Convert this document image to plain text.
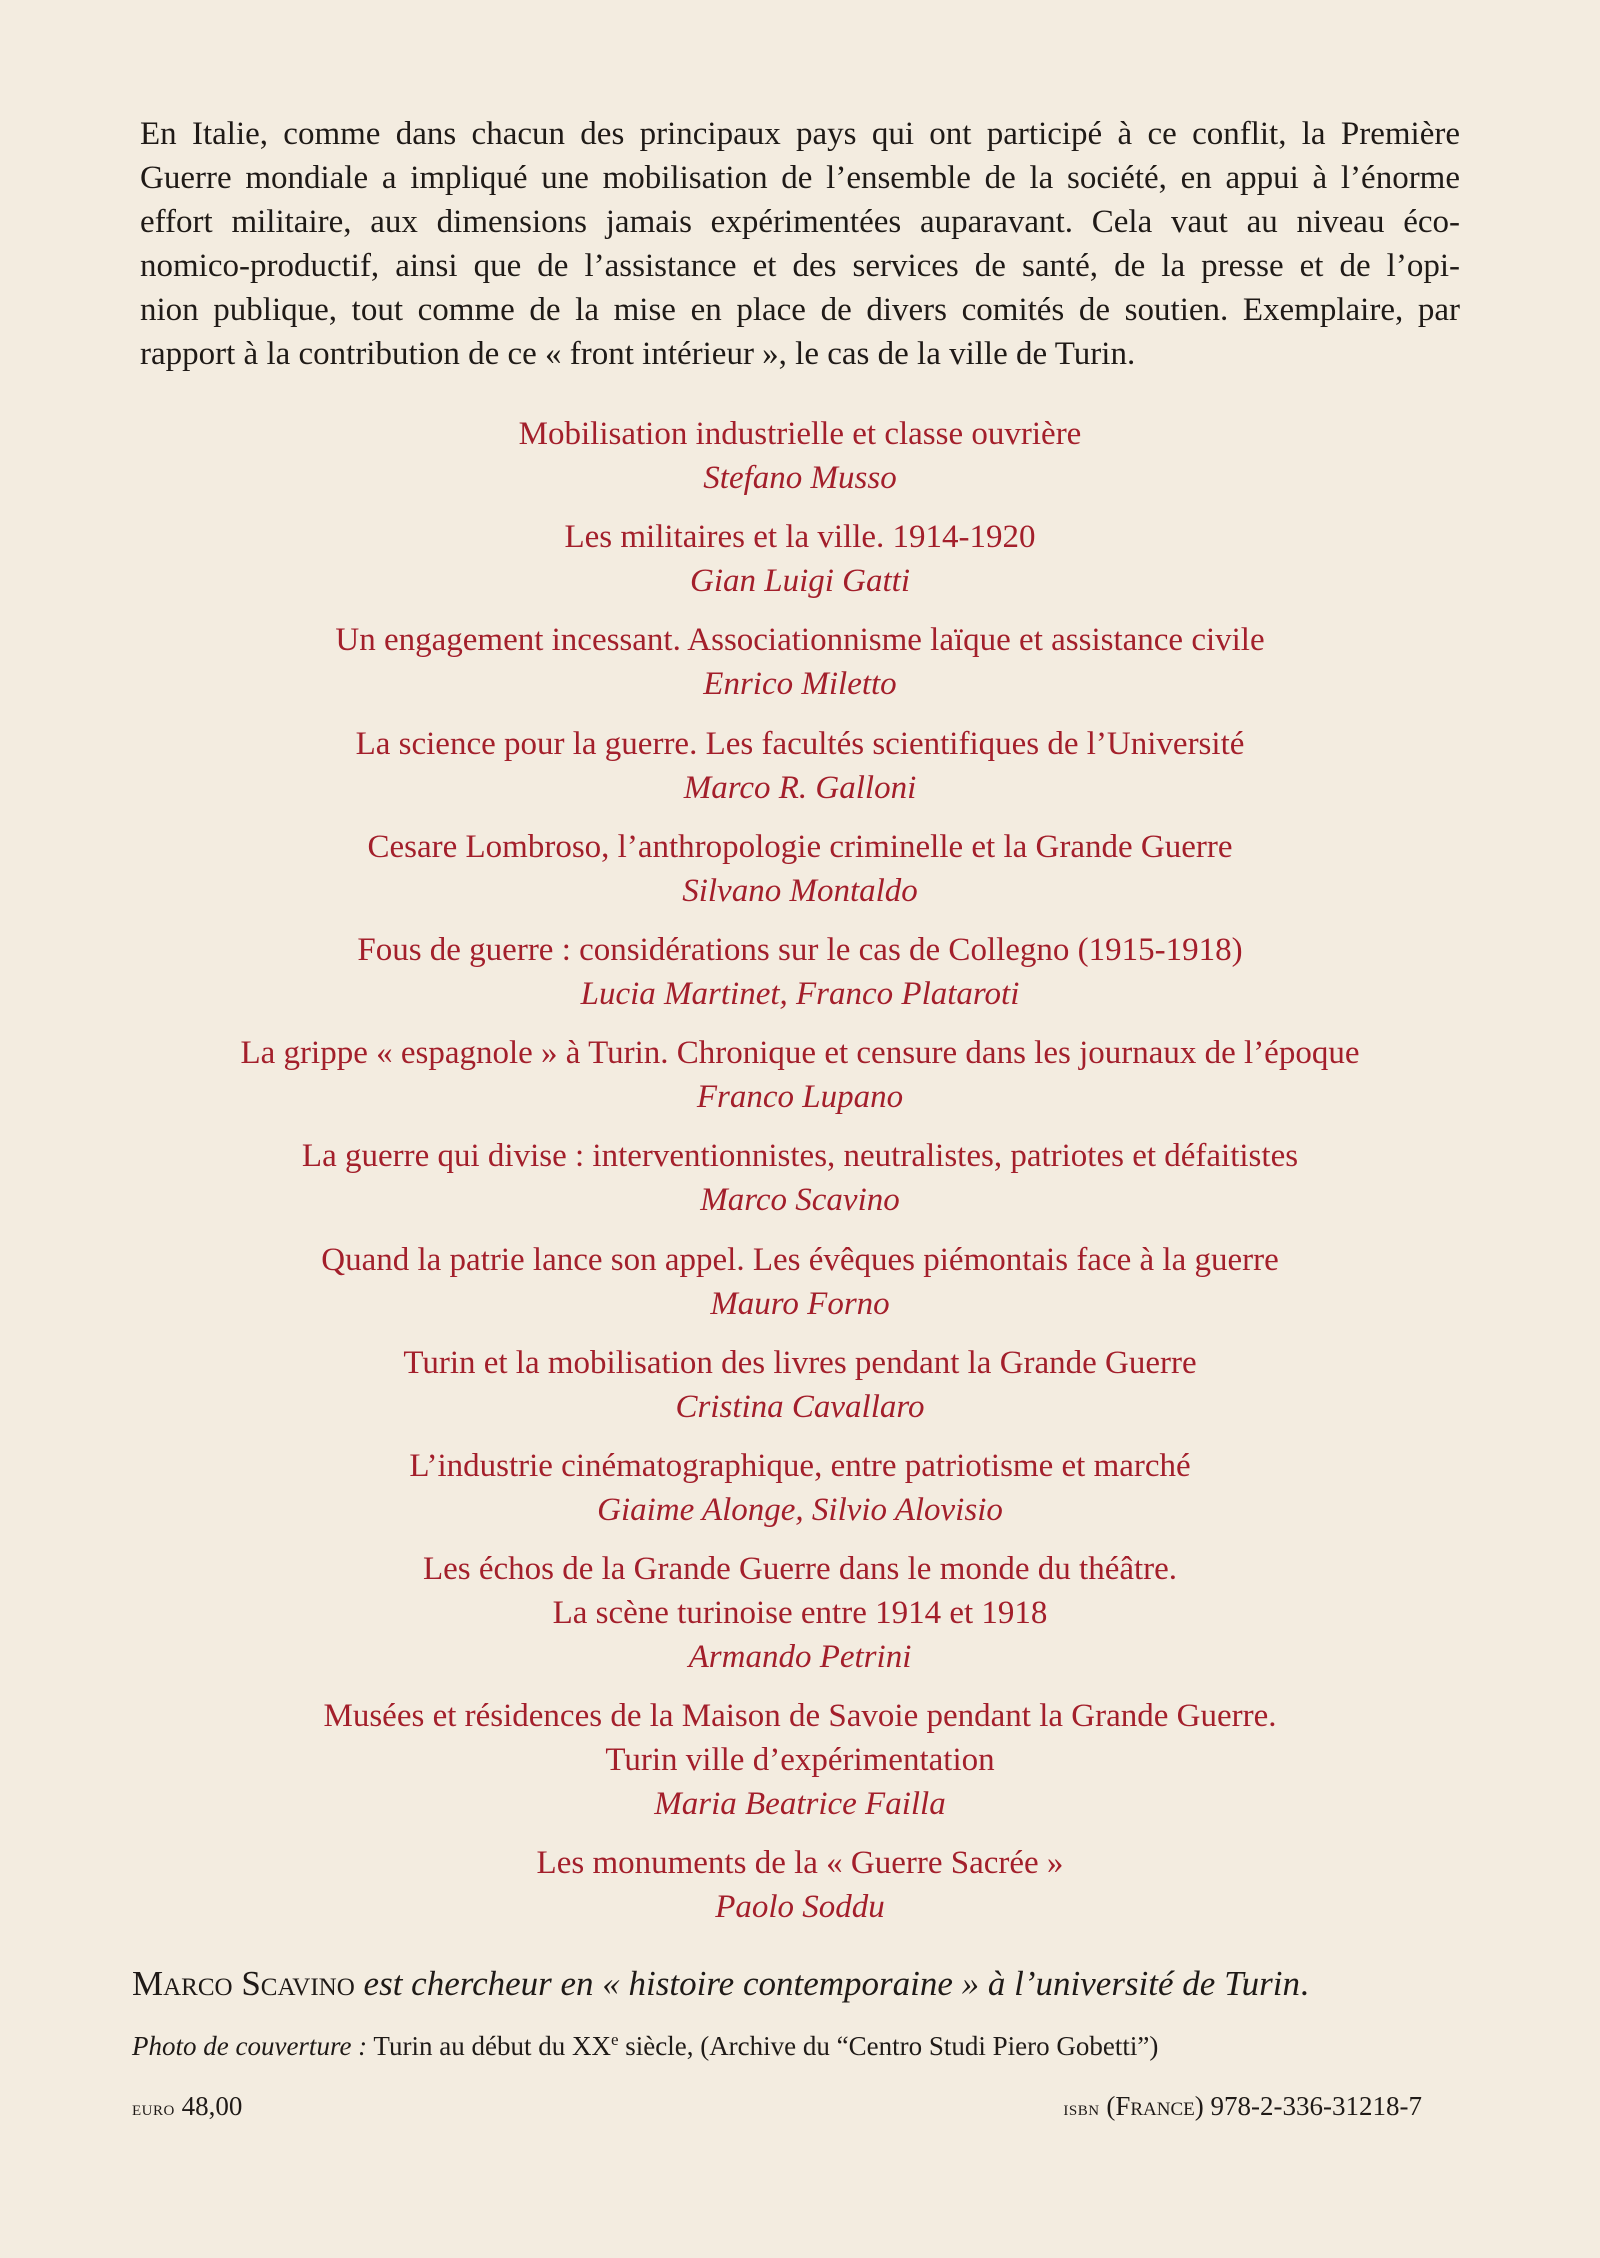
En Italie, comme dans chacun des principaux pays qui ont participé à ce conflit, la Première
Guerre mondiale a impliqué une mobilisation de l’ensemble de la société, en appui à l’énorme
effort militaire, aux dimensions jamais expérimentées auparavant. Cela vaut au niveau éco-
nomico-productif, ainsi que de l’assistance et des services de santé, de la presse et de l’opi-
nion publique, tout comme de la mise en place de divers comités de soutien. Exemplaire, par
rapport à la contribution de ce « front intérieur », le cas de la ville de Turin.

Mobilisation industrielle et classe ouvrière
Stefano Musso
Les militaires et la ville. 1914-1920
Gian Luigi Gatti
Un engagement incessant. Associationnisme laïque et assistance civile
Enrico Miletto
La science pour la guerre. Les facultés scientifiques de l’Université
Marco R. Galloni
Cesare Lombroso, l’anthropologie criminelle et la Grande Guerre
Silvano Montaldo
Fous de guerre : considérations sur le cas de Collegno (1915-1918)
Lucia Martinet, Franco Plataroti
La grippe « espagnole » à Turin. Chronique et censure dans les journaux de l’époque
Franco Lupano
La guerre qui divise : interventionnistes, neutralistes, patriotes et défaitistes
Marco Scavino
Quand la patrie lance son appel. Les évêques piémontais face à la guerre
Mauro Forno
Turin et la mobilisation des livres pendant la Grande Guerre
Cristina Cavallaro
L’industrie cinématographique, entre patriotisme et marché
Giaime Alonge, Silvio Alovisio
Les échos de la Grande Guerre dans le monde du théâtre.
La scène turinoise entre 1914 et 1918
Armando Petrini
Musées et résidences de la Maison de Savoie pendant la Grande Guerre.
Turin ville d’expérimentation
Maria Beatrice Failla
Les monuments de la « Guerre Sacrée »
Paolo Soddu

Marco Scavino est chercheur en « histoire contemporaine » à l’université de Turin.

Photo de couverture : Turin au début du XXe siècle, (Archive du “Centro Studi Piero Gobetti”)

euro 48,00	isbn (France) 978-2-336-31218-7
